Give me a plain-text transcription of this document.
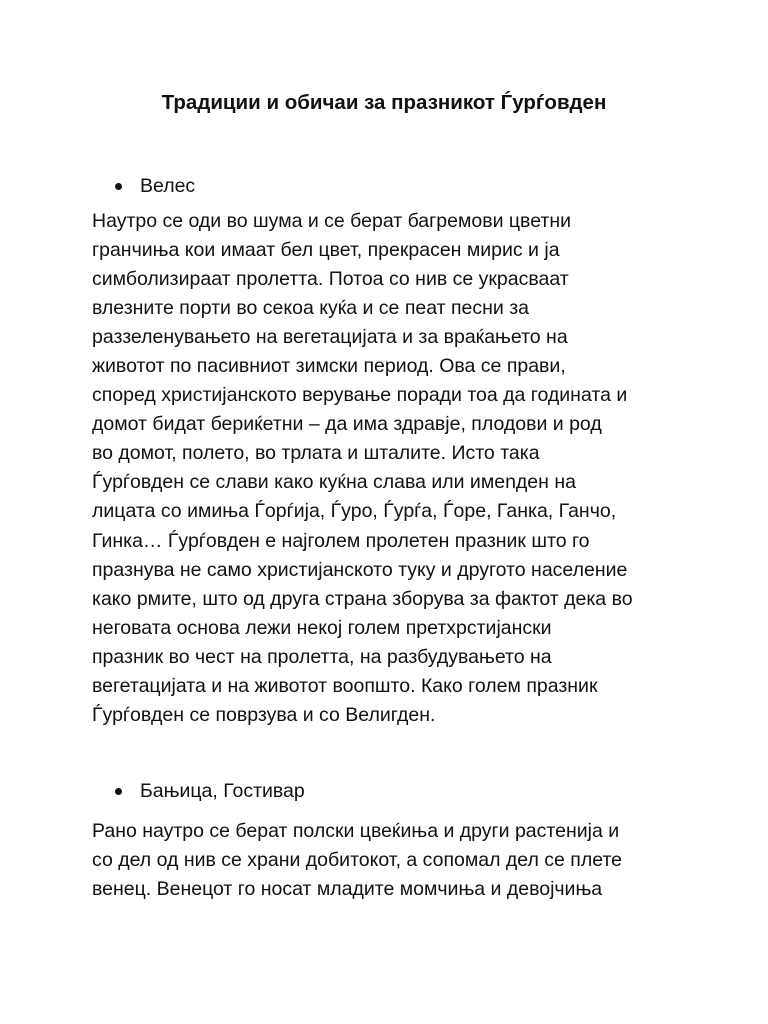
Традиции и обичаи за празникот Ѓурѓовден
Велес

Наутро се оди во шума и се берат багремови цветни
гранчиња кои имаат бел цвет, прекрасен мирис и ја
симболизираат пролетта. Потоа со нив се украсваат
влезните порти во секоа куќа и се пеат песни за
раззеленувањето на вегетацијата и за враќањето на
животот по пасивниот зимски период. Ова се прави,
според христијанското верување поради тоа да годината и
домот бидат бериќетни – да има здравје, плодови и род
во домот, полето, во трлата и шталите. Исто така
Ѓурѓовден се слави како куќна слава или имenден на
лицата со имиња Ѓорѓија, Ѓуро, Ѓурѓа, Ѓоре, Ганка, Ганчо,
Гинка… Ѓурѓовден е најголем пролетен празник што го
празнува не само христијанското туку и другото население
како рмите, што од друга страна зборува за фактот дека во
неговата основа лежи некој голем претхрстијански
празник во чест на пролетта, на разбудувањето на
вегетацијата и на животот воопшто. Како голем празник
Ѓурѓовден се поврзува и со Велигден.

Бањица, Гостивар

Рано наутро се берат полски цвеќиња и други растенија и
со дел од нив се храни добитокот, а сопомал дел се плете
венец. Венецот го носат младите момчиња и девојчиња
